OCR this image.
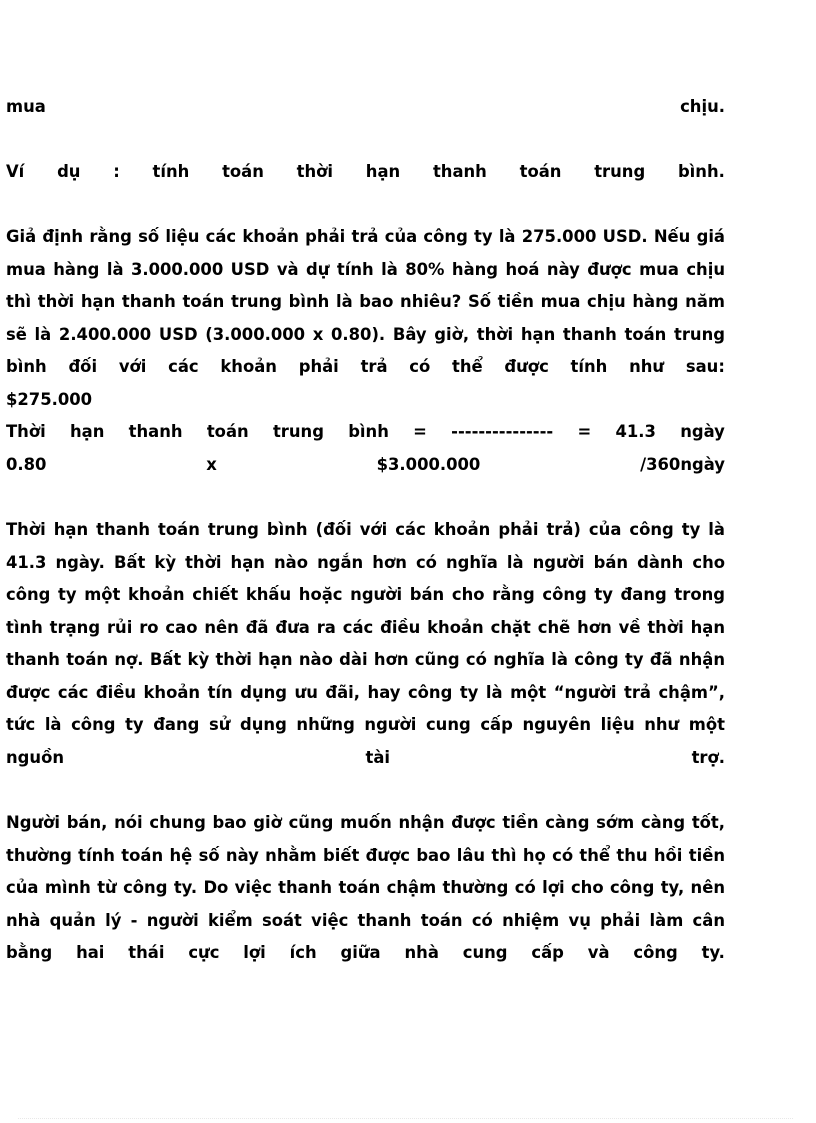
mua	chịu.
Ví dụ : tính toán thời hạn thanh toán trung bình.
Giả định rằng số liệu các khoản phải trả của công ty là 275.000 USD. Nếu giá
mua hàng là 3.000.000 USD và dự tính là 80% hàng hoá này được mua chịu
thì thời hạn thanh toán trung bình là bao nhiêu? Số tiền mua chịu hàng năm
sẽ là 2.400.000 USD (3.000.000 x 0.80). Bây giờ, thời hạn thanh toán trung
bình đối với các khoản phải trả có thể được tính như sau:
$275.000
Thời hạn thanh toán trung bình = --------------- = 41.3 ngày
0.80	x	$3.000.000	/360ngày
Thời hạn thanh toán trung bình (đối với các khoản phải trả) của công ty là
41.3 ngày. Bất kỳ thời hạn nào ngắn hơn có nghĩa là người bán dành cho
công ty một khoản chiết khấu hoặc người bán cho rằng công ty đang trong
tình trạng rủi ro cao nên đã đưa ra các điều khoản chặt chẽ hơn về thời hạn
thanh toán nợ. Bất kỳ thời hạn nào dài hơn cũng có nghĩa là công ty đã nhận
được các điều khoản tín dụng ưu đãi, hay công ty là một “người trả chậm”,
tức là công ty đang sử dụng những người cung cấp nguyên liệu như một
nguồn	tài	trợ.
Người bán, nói chung bao giờ cũng muốn nhận được tiền càng sớm càng tốt,
thường tính toán hệ số này nhằm biết được bao lâu thì họ có thể thu hồi tiền
của mình từ công ty. Do việc thanh toán chậm thường có lợi cho công ty, nên
nhà quản lý - người kiểm soát việc thanh toán có nhiệm vụ phải làm cân
bằng hai thái cực lợi ích giữa nhà cung cấp và công ty.
